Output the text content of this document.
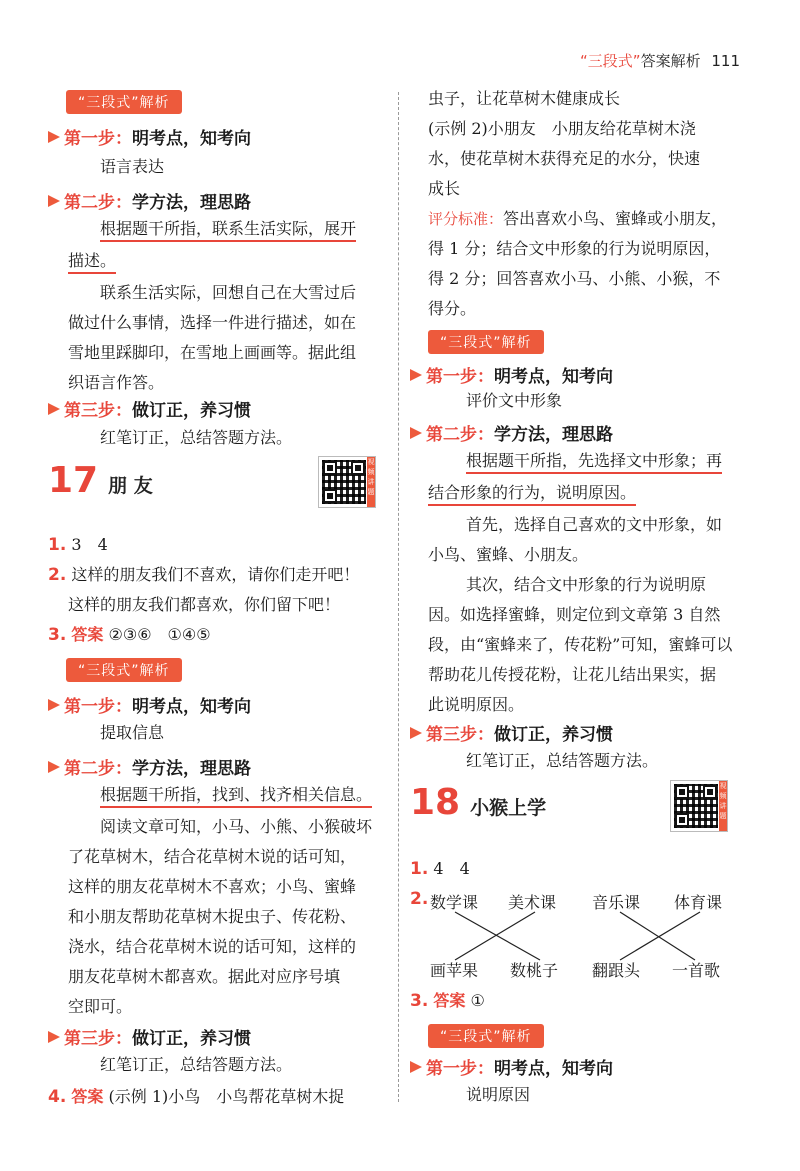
“三段式”答案解析 111
“三段式”解析
第一步：明考点，知考向
语言表达
第二步：学方法，理思路
根据题干所指，联系生活实际，展开
描述。
联系生活实际，回想自己在大雪过后
做过什么事情，选择一件进行描述，如在
雪地里踩脚印，在雪地上画画等。据此组
织语言作答。
第三步：做订正，养习惯
红笔订正，总结答题方法。
17 朋 友
视频讲题
1. 3　4
2. 这样的朋友我们不喜欢，请你们走开吧！
这样的朋友我们都喜欢，你们留下吧！
3. 答案 ②③⑥　①④⑤
“三段式”解析
第一步：明考点，知考向
提取信息
第二步：学方法，理思路
根据题干所指，找到、找齐相关信息。
阅读文章可知，小马、小熊、小猴破坏
了花草树木，结合花草树木说的话可知，
这样的朋友花草树木不喜欢；小鸟、蜜蜂
和小朋友帮助花草树木捉虫子、传花粉、
浇水，结合花草树木说的话可知，这样的
朋友花草树木都喜欢。据此对应序号填
空即可。
第三步：做订正，养习惯
红笔订正，总结答题方法。
4. 答案 (示例 1)小鸟　小鸟帮花草树木捉
虫子，让花草树木健康成长
(示例 2)小朋友　小朋友给花草树木浇
水，使花草树木获得充足的水分，快速
成长
评分标准：答出喜欢小鸟、蜜蜂或小朋友，
得 1 分；结合文中形象的行为说明原因，
得 2 分；回答喜欢小马、小熊、小猴，不
得分。
“三段式”解析
第一步：明考点，知考向
评价文中形象
第二步：学方法，理思路
根据题干所指，先选择文中形象；再
结合形象的行为，说明原因。
首先，选择自己喜欢的文中形象，如
小鸟、蜜蜂、小朋友。
其次，结合文中形象的行为说明原
因。如选择蜜蜂，则定位到文章第 3 自然
段，由“蜜蜂来了，传花粉”可知，蜜蜂可以
帮助花儿传授花粉，让花儿结出果实，据
此说明原因。
第三步：做订正，养习惯
红笔订正，总结答题方法。
18 小猴上学
视频讲题
1. 4　4
2. 数学课 美术课 音乐课 体育课
画苹果 数桃子 翻跟头 一首歌
3. 答案 ①
“三段式”解析
第一步：明考点，知考向
说明原因
